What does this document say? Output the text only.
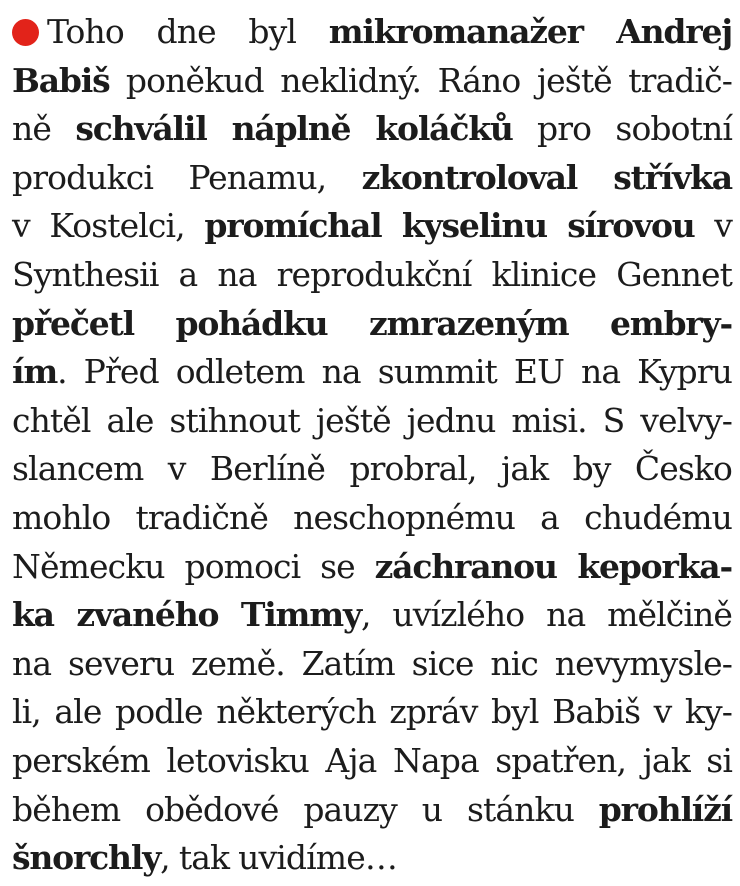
Toho dne byl mikromanažer Andrej
Babiš poněkud neklidný. Ráno ještě tradič-
ně schválil náplně koláčků pro sobotní
produkci Penamu, zkontroloval střívka
v Kostelci, promíchal kyselinu sírovou v
Synthesii a na reprodukční klinice Gennet
přečetl pohádku zmrazeným embry-
ím. Před odletem na summit EU na Kypru
chtěl ale stihnout ještě jednu misi. S velvy-
slancem v Berlíně probral, jak by Česko
mohlo tradičně neschopnému a chudému
Německu pomoci se záchranou keporka-
ka zvaného Timmy, uvízlého na mělčině
na severu země. Zatím sice nic nevymysle-
li, ale podle některých zpráv byl Babiš v ky-
perském letovisku Aja Napa spatřen, jak si
během obědové pauzy u stánku prohlíží
šnorchly, tak uvidíme…
